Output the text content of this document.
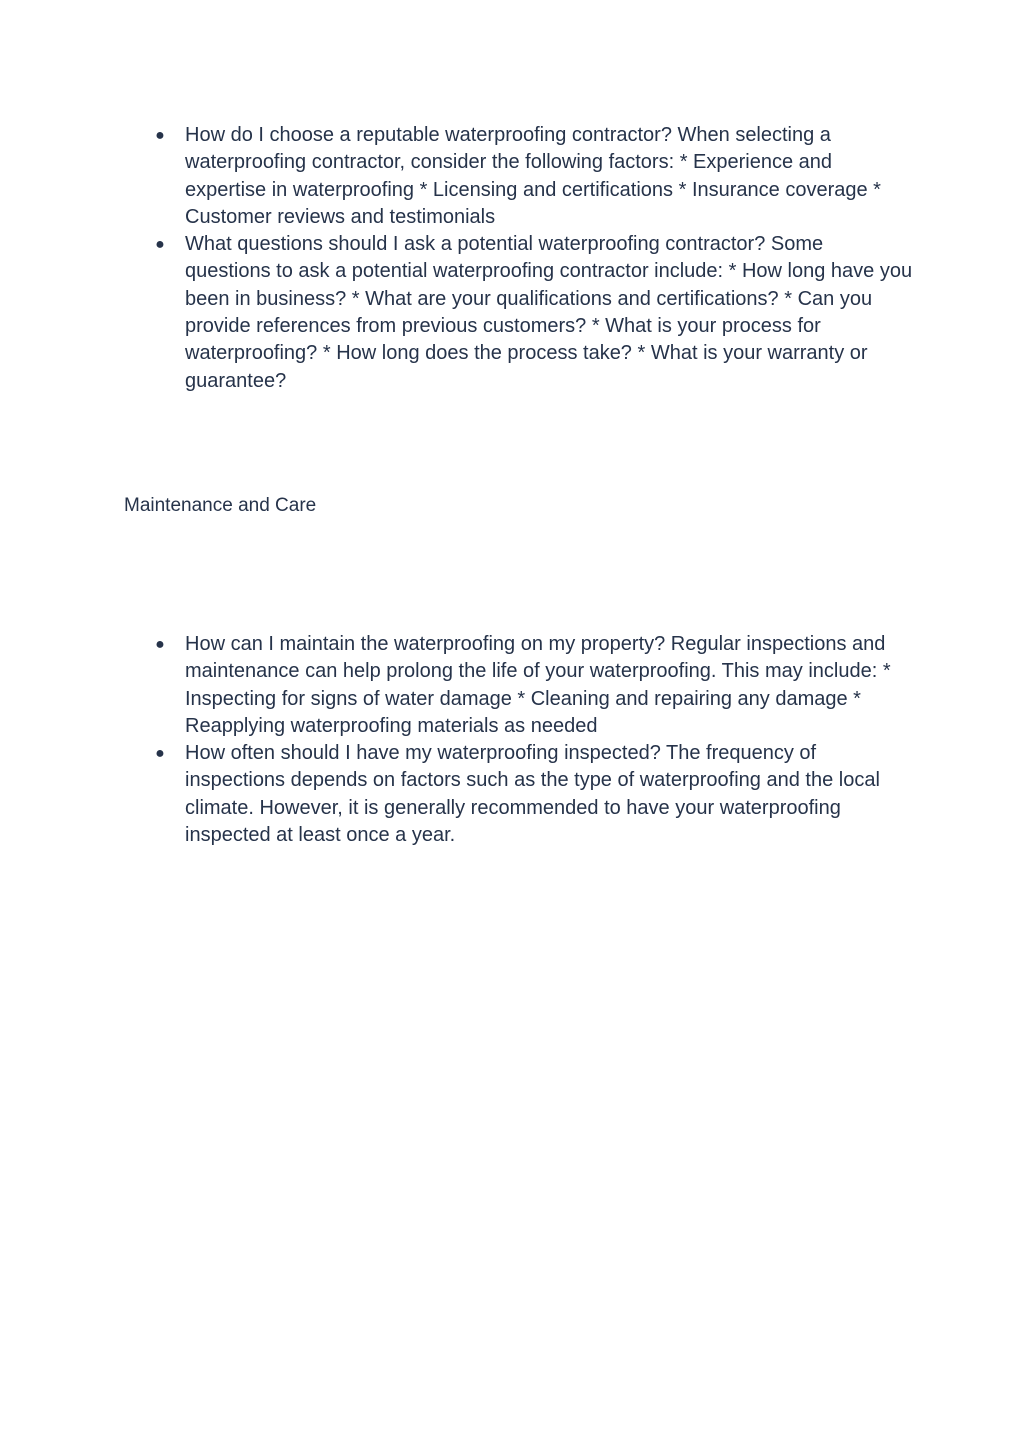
● How do I choose a reputable waterproofing contractor? When selecting a waterproofing contractor, consider the following factors: * Experience and expertise in waterproofing * Licensing and certifications * Insurance coverage * Customer reviews and testimonials
● What questions should I ask a potential waterproofing contractor? Some questions to ask a potential waterproofing contractor include: * How long have you been in business? * What are your qualifications and certifications? * Can you provide references from previous customers? * What is your process for waterproofing? * How long does the process take? * What is your warranty or guarantee?
Maintenance and Care
● How can I maintain the waterproofing on my property? Regular inspections and maintenance can help prolong the life of your waterproofing. This may include: * Inspecting for signs of water damage * Cleaning and repairing any damage * Reapplying waterproofing materials as needed
● How often should I have my waterproofing inspected? The frequency of inspections depends on factors such as the type of waterproofing and the local climate. However, it is generally recommended to have your waterproofing inspected at least once a year.
